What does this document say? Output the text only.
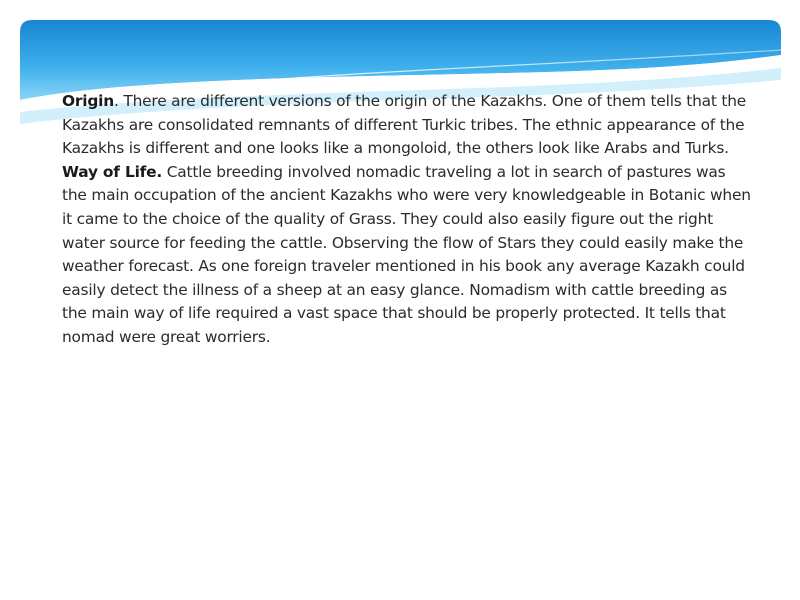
Origin. There are different versions of the origin of the Kazakhs. One of them tells that the Kazakhs are consolidated remnants of different Turkic tribes. The ethnic appearance of the Kazakhs is different and one looks like a mongoloid, the others look like Arabs and Turks.

Way of Life. Cattle breeding involved nomadic traveling a lot in search of pastures was the main occupation of the ancient Kazakhs who were very knowledgeable in Botanic when it came to the choice of the quality of Grass. They could also easily figure out the right water source for feeding the cattle. Observing the flow of Stars they could easily make the weather forecast. As one foreign traveler mentioned in his book any average Kazakh could easily detect the illness of a sheep at an easy glance. Nomadism with cattle breeding as the main way of life required a vast space that should be properly protected. It tells that nomad were great worriers.
